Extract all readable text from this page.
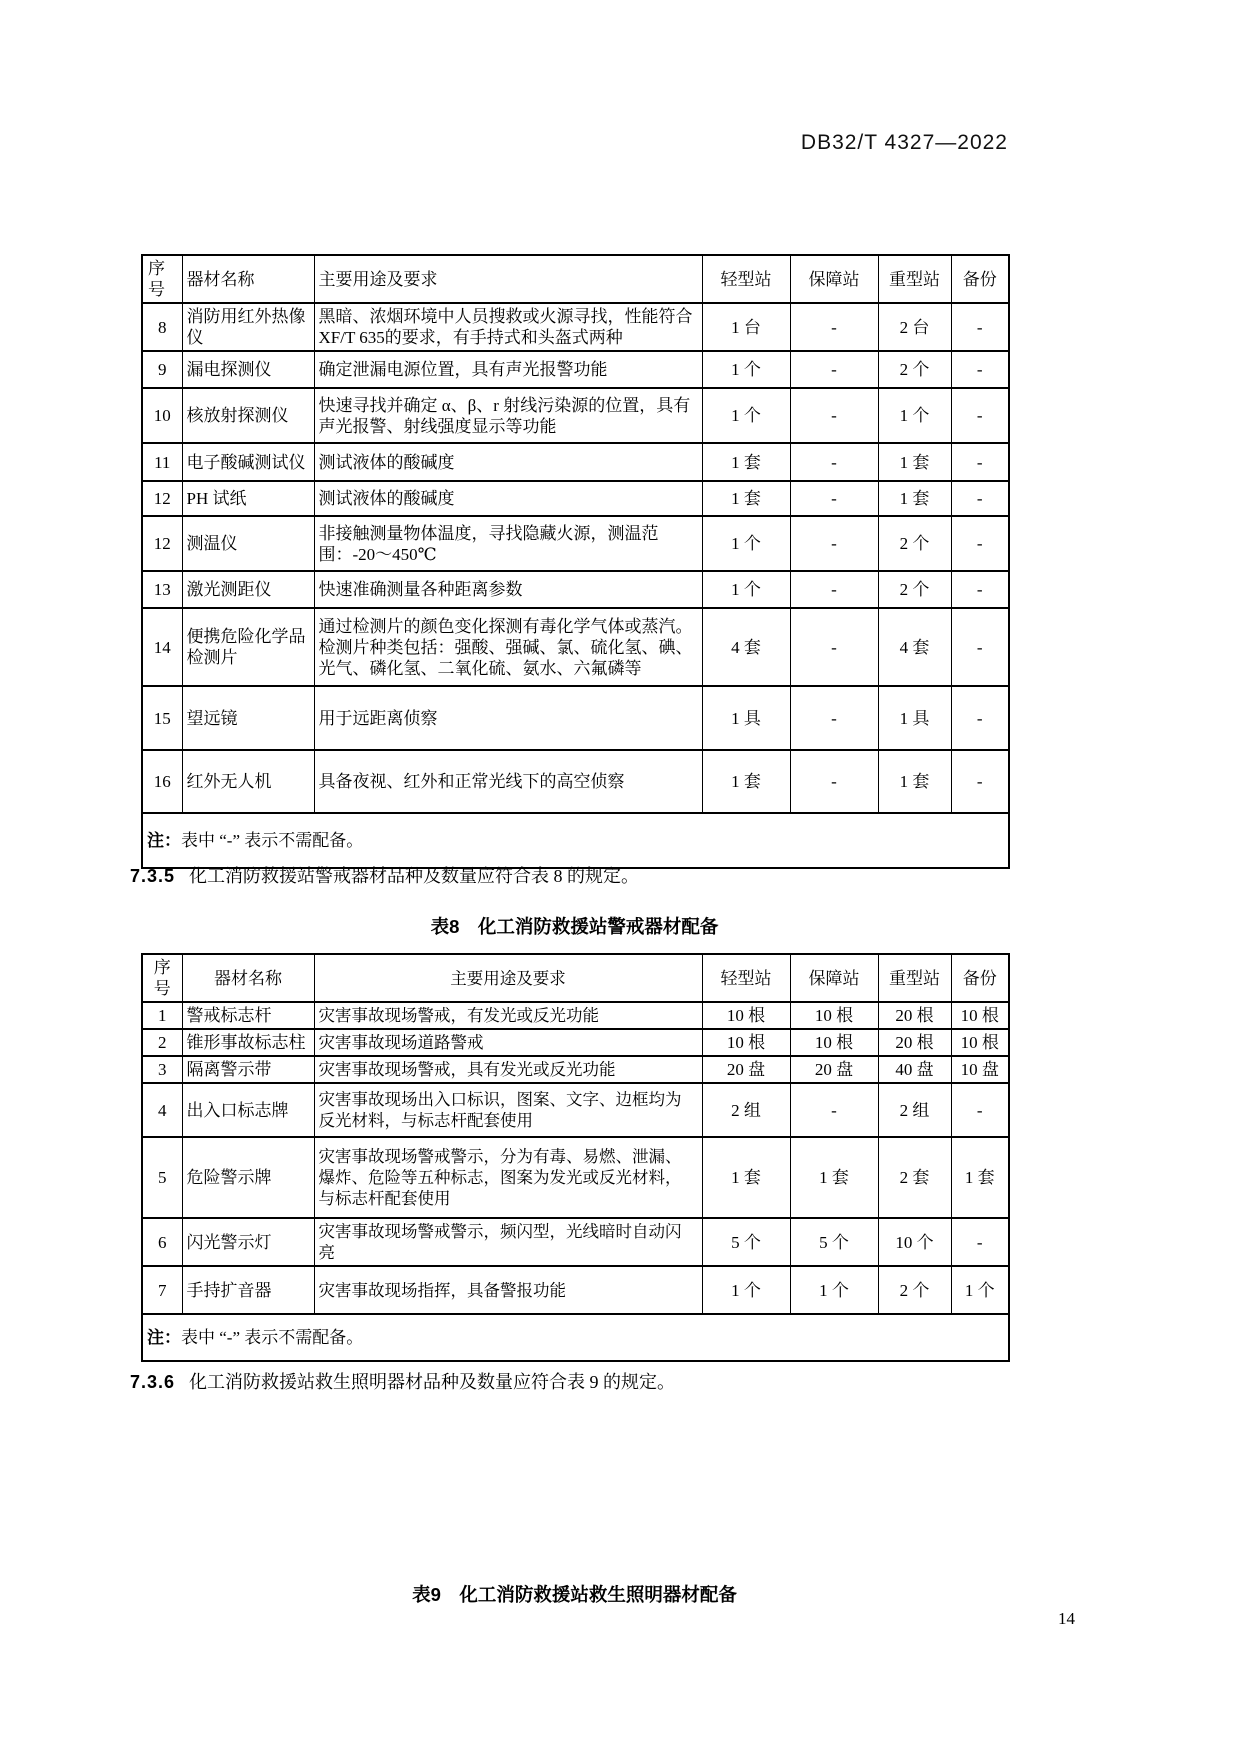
DB32/T 4327—2022
序号	器材名称	主要用途及要求	轻型站	保障站	重型站	备份
8	消防用红外热像仪	黑暗、浓烟环境中人员搜救或火源寻找，性能符合XF/T 635的要求，有手持式和头盔式两种	1 台	-	2 台	-
9	漏电探测仪	确定泄漏电源位置，具有声光报警功能	1 个	-	2 个	-
10	核放射探测仪	快速寻找并确定 α、β、r 射线污染源的位置，具有声光报警、射线强度显示等功能	1 个	-	1 个	-
11	电子酸碱测试仪	测试液体的酸碱度	1 套	-	1 套	-
12	PH 试纸	测试液体的酸碱度	1 套	-	1 套	-
12	测温仪	非接触测量物体温度，寻找隐藏火源，测温范围：-20～450℃	1 个	-	2 个	-
13	激光测距仪	快速准确测量各种距离参数	1 个	-	2 个	-
14	便携危险化学品检测片	通过检测片的颜色变化探测有毒化学气体或蒸汽。检测片种类包括：强酸、强碱、氯、硫化氢、碘、光气、磷化氢、二氧化硫、氨水、六氟磷等	4 套	-	4 套	-
15	望远镜	用于远距离侦察	1 具	-	1 具	-
16	红外无人机	具备夜视、红外和正常光线下的高空侦察	1 套	-	1 套	-
注：表中 “-” 表示不需配备。						
7.3.5 化工消防救援站警戒器材品种及数量应符合表 8 的规定。
表8　化工消防救援站警戒器材配备
序号	器材名称	主要用途及要求	轻型站	保障站	重型站	备份
1	警戒标志杆	灾害事故现场警戒，有发光或反光功能	10 根	10 根	20 根	10 根
2	锥形事故标志柱	灾害事故现场道路警戒	10 根	10 根	20 根	10 根
3	隔离警示带	灾害事故现场警戒，具有发光或反光功能	20 盘	20 盘	40 盘	10 盘
4	出入口标志牌	灾害事故现场出入口标识，图案、文字、边框均为反光材料，与标志杆配套使用	2 组	-	2 组	-
5	危险警示牌	灾害事故现场警戒警示，分为有毒、易燃、泄漏、爆炸、危险等五种标志，图案为发光或反光材料，与标志杆配套使用	1 套	1 套	2 套	1 套
6	闪光警示灯	灾害事故现场警戒警示，频闪型，光线暗时自动闪亮	5 个	5 个	10 个	-
7	手持扩音器	灾害事故现场指挥，具备警报功能	1 个	1 个	2 个	1 个
注：表中 “-” 表示不需配备。						
7.3.6 化工消防救援站救生照明器材品种及数量应符合表 9 的规定。
表9　化工消防救援站救生照明器材配备
14
